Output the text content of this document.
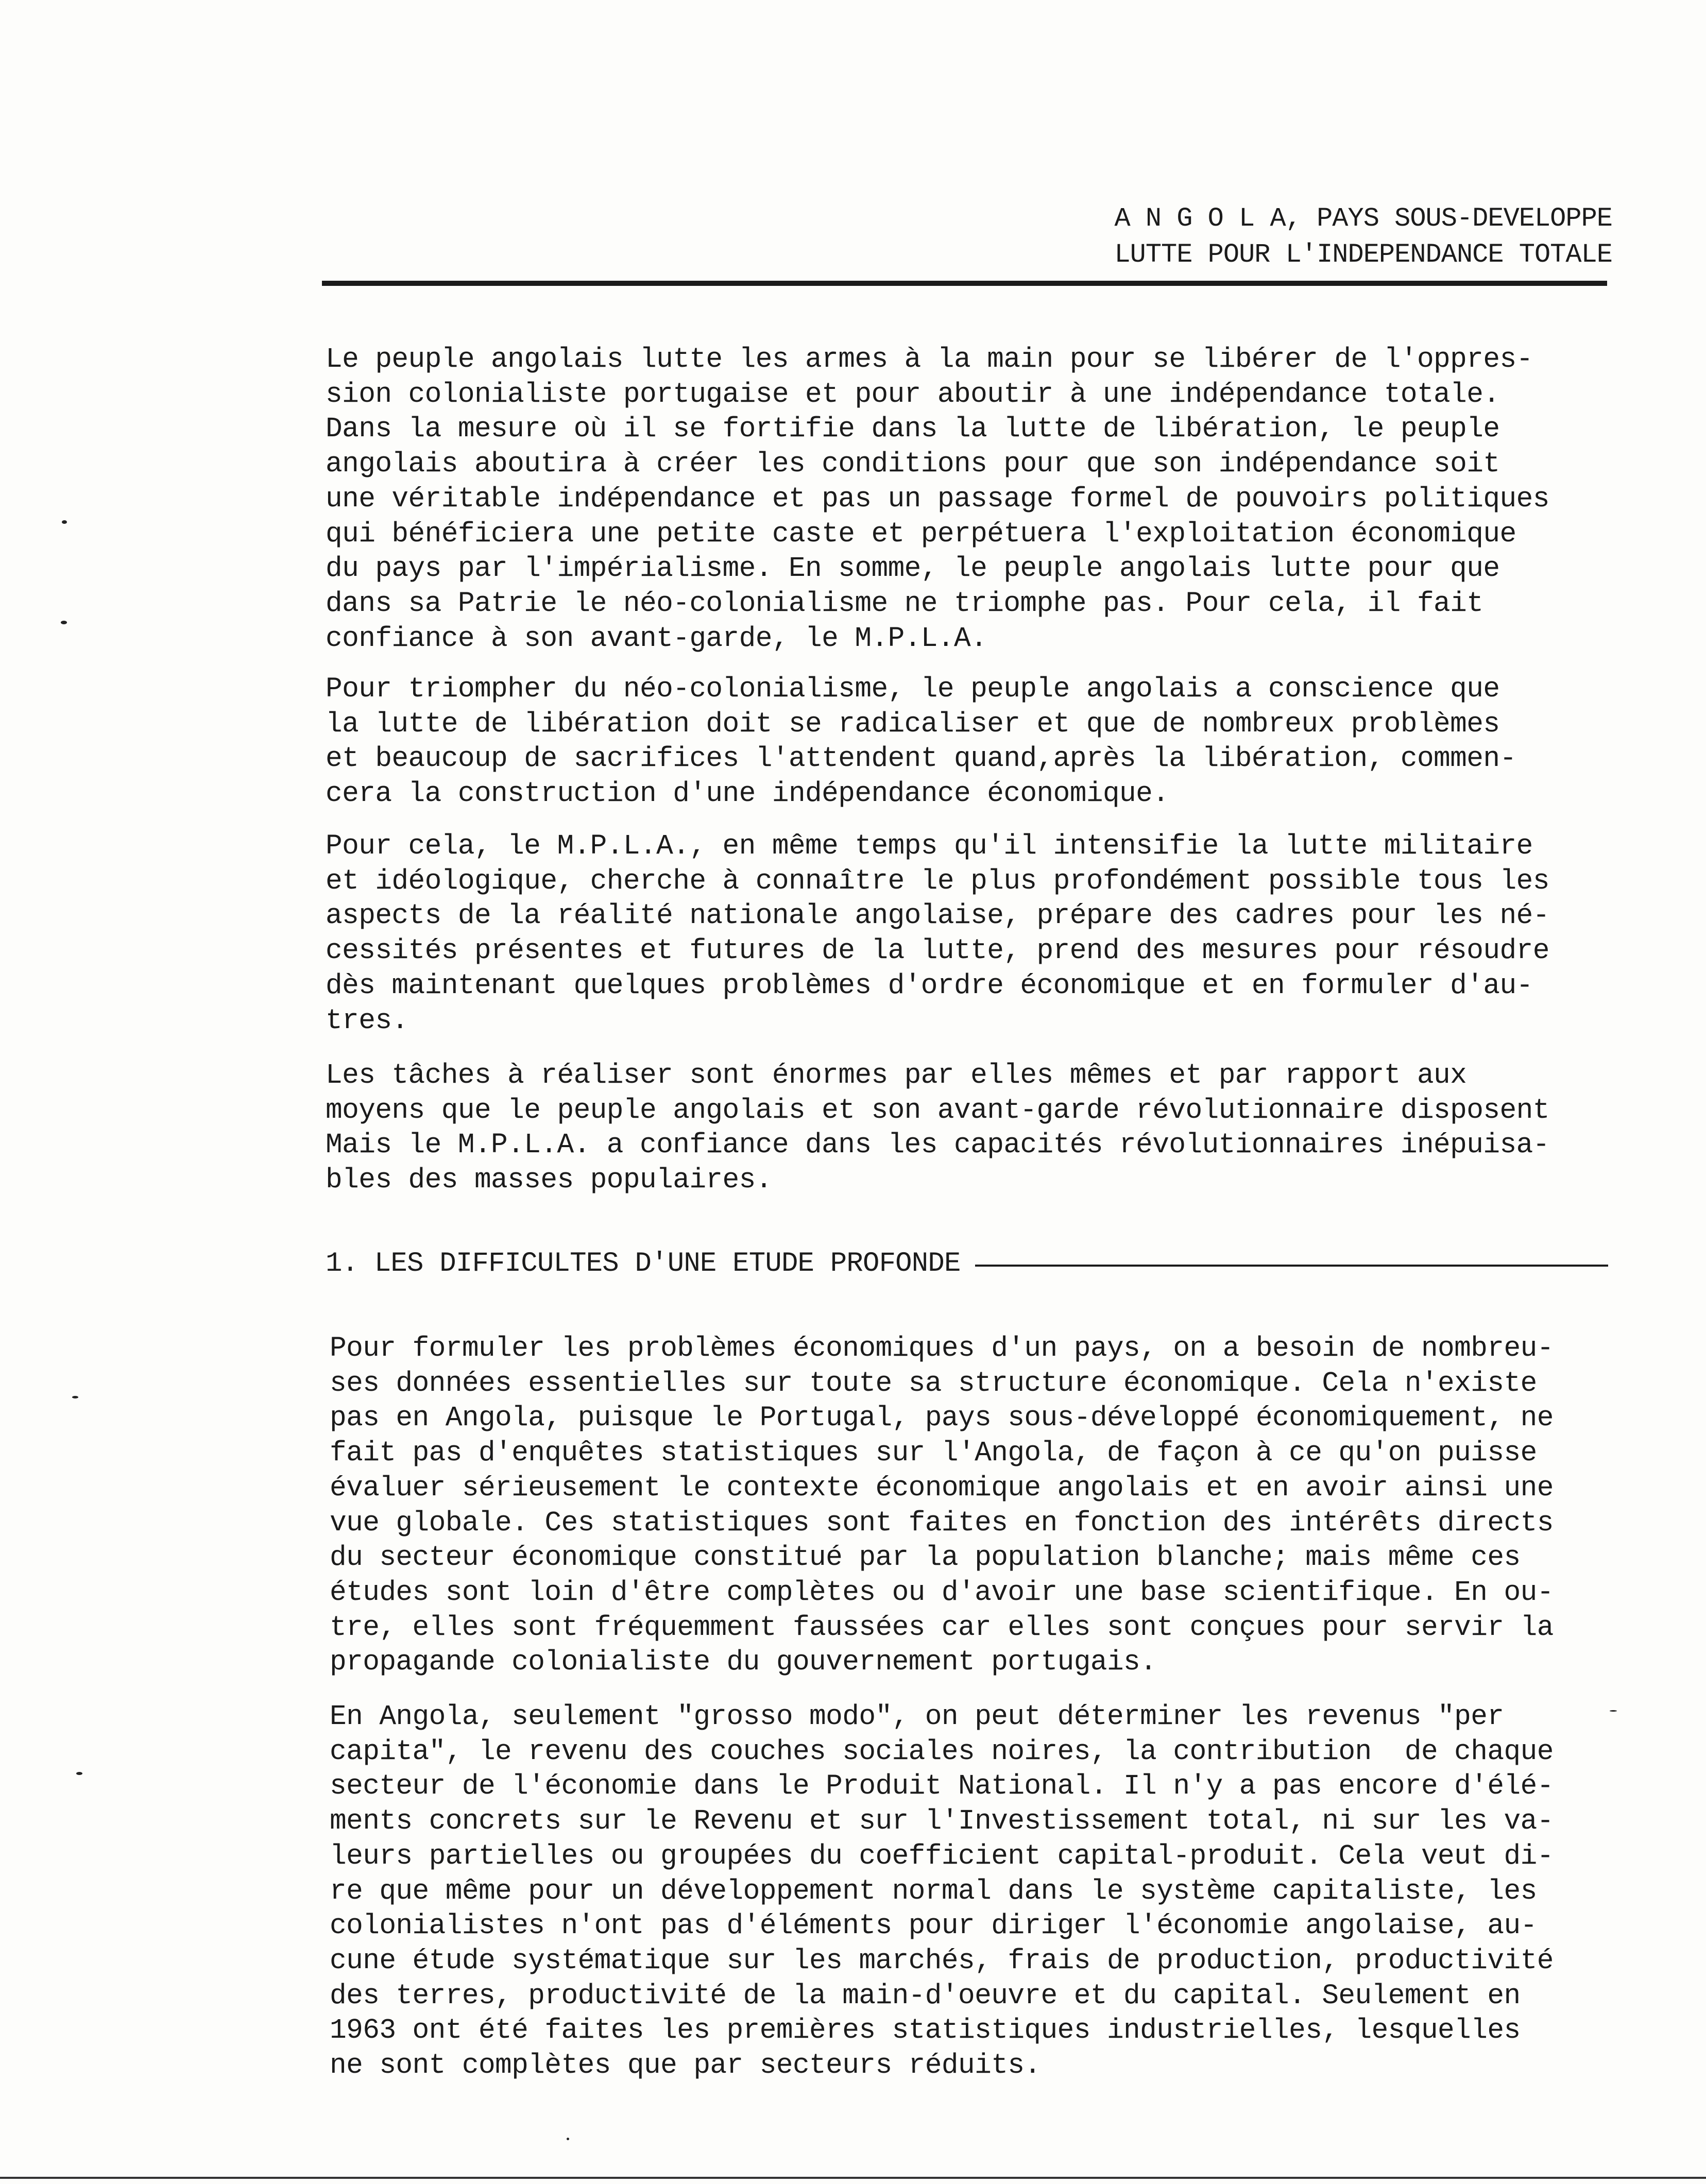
A N G O L A, PAYS SOUS-DEVELOPPE
LUTTE POUR L'INDEPENDANCE TOTALE

Le peuple angolais lutte les armes à la main pour se libérer de l'oppres-
sion colonialiste portugaise et pour aboutir à une indépendance totale.
Dans la mesure où il se fortifie dans la lutte de libération, le peuple
angolais aboutira à créer les conditions pour que son indépendance soit
une véritable indépendance et pas un passage formel de pouvoirs politiques
qui bénéficiera une petite caste et perpétuera l'exploitation économique
du pays par l'impérialisme. En somme, le peuple angolais lutte pour que
dans sa Patrie le néo-colonialisme ne triomphe pas. Pour cela, il fait
confiance à son avant-garde, le M.P.L.A.

Pour triompher du néo-colonialisme, le peuple angolais a conscience que
la lutte de libération doit se radicaliser et que de nombreux problèmes
et beaucoup de sacrifices l'attendent quand,après la libération, commen-
cera la construction d'une indépendance économique.

Pour cela, le M.P.L.A., en même temps qu'il intensifie la lutte militaire
et idéologique, cherche à connaître le plus profondément possible tous les
aspects de la réalité nationale angolaise, prépare des cadres pour les né-
cessités présentes et futures de la lutte, prend des mesures pour résoudre
dès maintenant quelques problèmes d'ordre économique et en formuler d'au-
tres.

Les tâches à réaliser sont énormes par elles mêmes et par rapport aux
moyens que le peuple angolais et son avant-garde révolutionnaire disposent
Mais le M.P.L.A. a confiance dans les capacités révolutionnaires inépuisa-
bles des masses populaires.

1. LES DIFFICULTES D'UNE ETUDE PROFONDE

Pour formuler les problèmes économiques d'un pays, on a besoin de nombreu-
ses données essentielles sur toute sa structure économique. Cela n'existe
pas en Angola, puisque le Portugal, pays sous-développé économiquement, ne
fait pas d'enquêtes statistiques sur l'Angola, de façon à ce qu'on puisse
évaluer sérieusement le contexte économique angolais et en avoir ainsi une
vue globale. Ces statistiques sont faites en fonction des intérêts directs
du secteur économique constitué par la population blanche; mais même ces
études sont loin d'être complètes ou d'avoir une base scientifique. En ou-
tre, elles sont fréquemment faussées car elles sont conçues pour servir la
propagande colonialiste du gouvernement portugais.

En Angola, seulement "grosso modo", on peut déterminer les revenus "per
capita", le revenu des couches sociales noires, la contribution  de chaque
secteur de l'économie dans le Produit National. Il n'y a pas encore d'élé-
ments concrets sur le Revenu et sur l'Investissement total, ni sur les va-
leurs partielles ou groupées du coefficient capital-produit. Cela veut di-
re que même pour un développement normal dans le système capitaliste, les
colonialistes n'ont pas d'éléments pour diriger l'économie angolaise, au-
cune étude systématique sur les marchés, frais de production, productivité
des terres, productivité de la main-d'oeuvre et du capital. Seulement en
1963 ont été faites les premières statistiques industrielles, lesquelles
ne sont complètes que par secteurs réduits.
